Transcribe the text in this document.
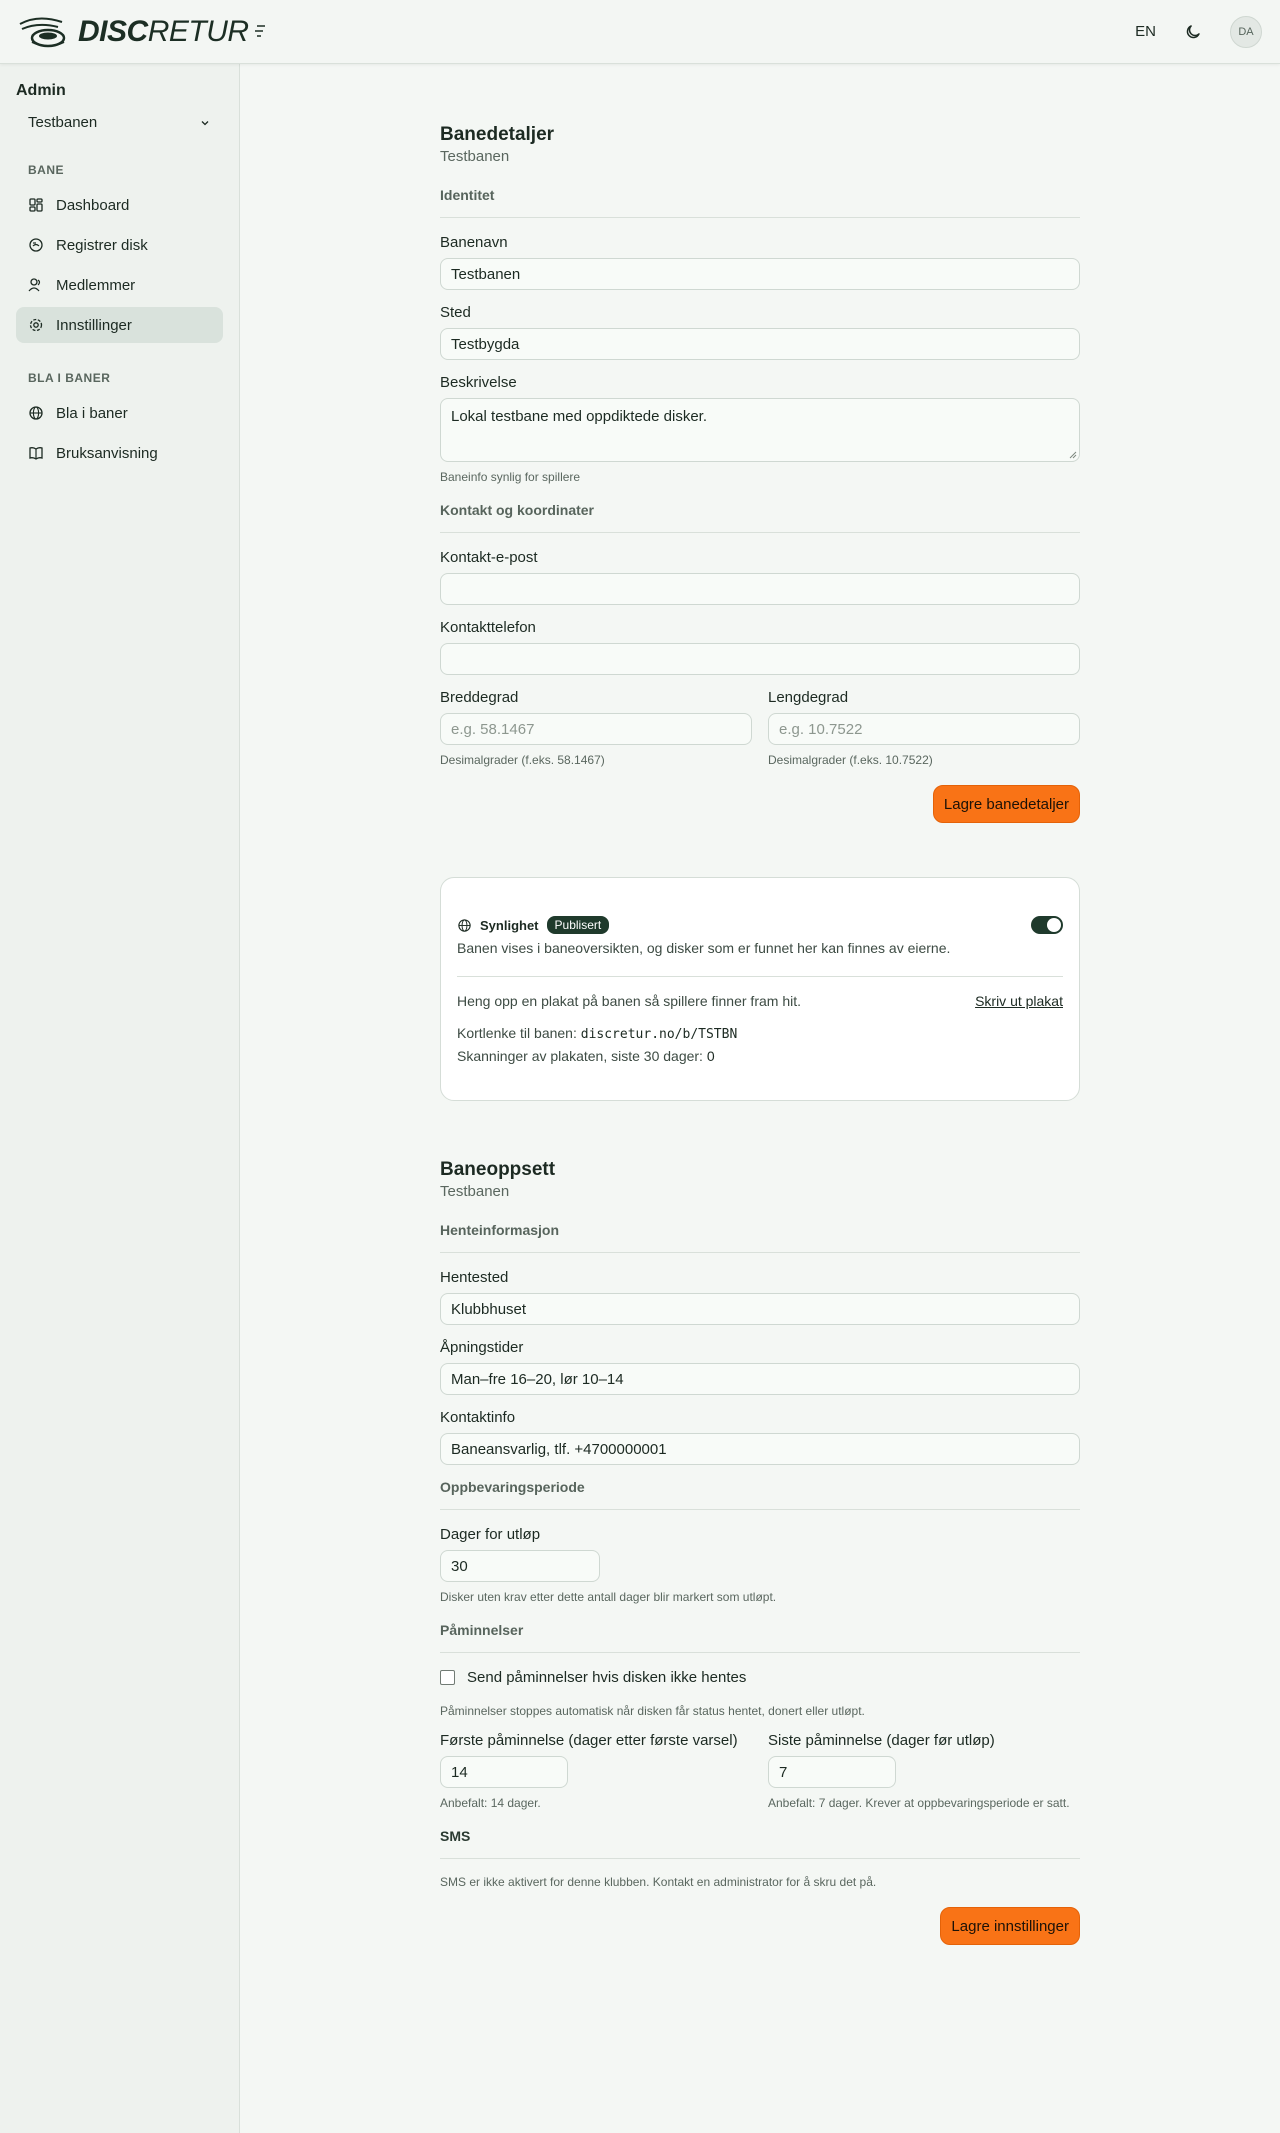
DISCRETUR	EN	DA
Admin
Testbanen
BANE
Dashboard
Registrer disk
Medlemmer
Innstillinger
BLA I BANER
Bla i baner
Bruksanvisning
Banedetaljer
Testbanen
Identitet
Banenavn
Testbanen
Sted
Testbygda
Beskrivelse
Lokal testbane med oppdiktede disker.
Baneinfo synlig for spillere
Kontakt og koordinater
Kontakt-e-post
Kontakttelefon
Breddegrad
e.g. 58.1467
Desimalgrader (f.eks. 58.1467)
Lengdegrad
e.g. 10.7522
Desimalgrader (f.eks. 10.7522)
Lagre banedetaljer
Synlighet	Publisert
Banen vises i baneoversikten, og disker som er funnet her kan finnes av eierne.
Heng opp en plakat på banen så spillere finner fram hit.	Skriv ut plakat
Kortlenke til banen: discretur.no/b/TSTBN
Skanninger av plakaten, siste 30 dager: 0
Baneoppsett
Testbanen
Henteinformasjon
Hentested
Klubbhuset
Åpningstider
Man–fre 16–20, lør 10–14
Kontaktinfo
Baneansvarlig, tlf. +4700000001
Oppbevaringsperiode
Dager for utløp
30
Disker uten krav etter dette antall dager blir markert som utløpt.
Påminnelser
Send påminnelser hvis disken ikke hentes
Påminnelser stoppes automatisk når disken får status hentet, donert eller utløpt.
Første påminnelse (dager etter første varsel)
14
Anbefalt: 14 dager.
Siste påminnelse (dager før utløp)
7
Anbefalt: 7 dager. Krever at oppbevaringsperiode er satt.
SMS
SMS er ikke aktivert for denne klubben. Kontakt en administrator for å skru det på.
Lagre innstillinger
